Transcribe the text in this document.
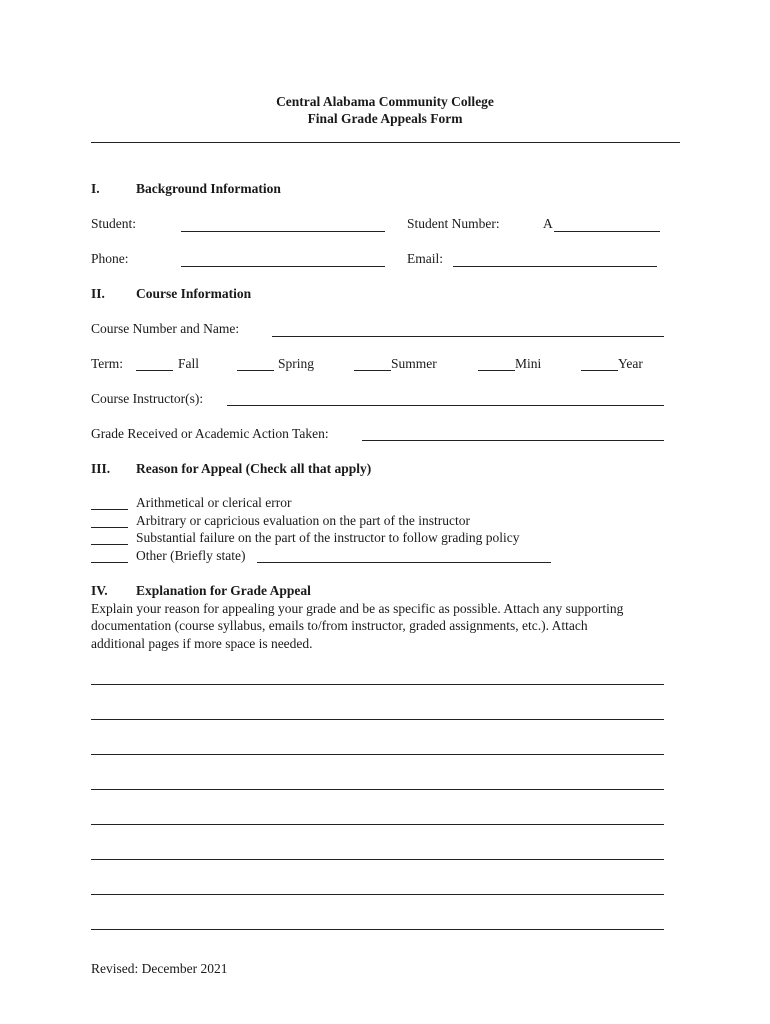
Central Alabama Community College
Final Grade Appeals Form
I.	Background Information
Student:	Student Number:	A
Phone:	Email:
II. Course Information
Course Number and Name:
Term:	Fall	Spring	Summer	Mini	Year
Course Instructor(s):
Grade Received or Academic Action Taken:
III. Reason for Appeal (Check all that apply)
Arithmetical or clerical error
Arbitrary or capricious evaluation on the part of the instructor
Substantial failure on the part of the instructor to follow grading policy
Other (Briefly state)
IV. Explanation for Grade Appeal
Explain your reason for appealing your grade and be as specific as possible. Attach any supporting
documentation (course syllabus, emails to/from instructor, graded assignments, etc.). Attach
additional pages if more space is needed.
Revised: December 2021
